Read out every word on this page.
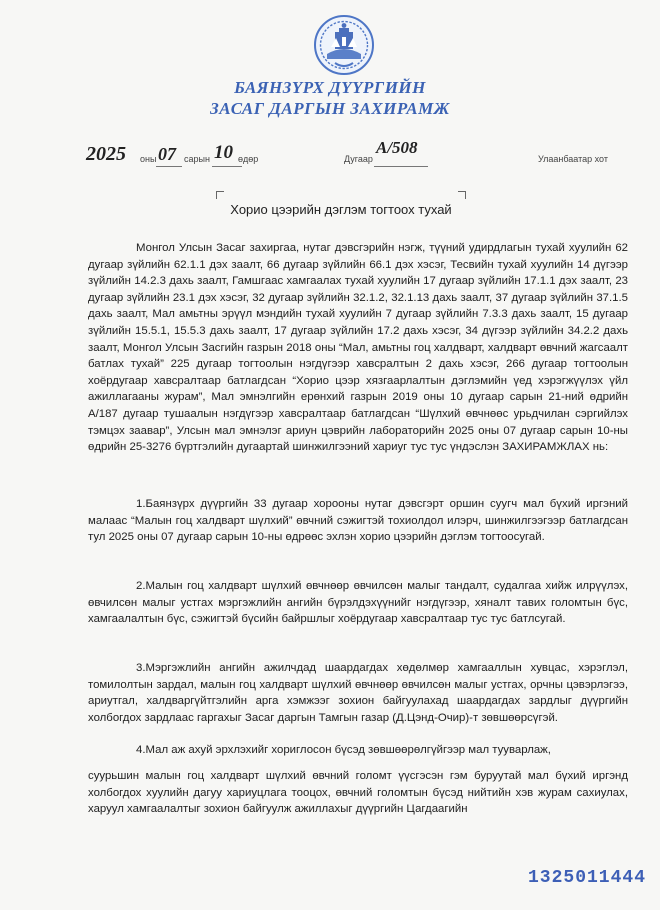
БАЯНЗҮРХ ДҮҮРГИЙН
ЗАСАГ ДАРГЫН ЗАХИРАМЖ
2025 оны 07 сарын 10 өдөр	Дугаар
А/508
Улаанбаатар хот
Хорио цээрийн дэглэм тогтоох тухай

Монгол Улсын Засаг захиргаа, нутаг дэвсгэрийн нэгж, түүний удирдлагын тухай хуулийн 62 дугаар зүйлийн 62.1.1 дэх заалт, 66 дугаар зүйлийн 66.1 дэх хэсэг, Тесвийн тухай хуулийн 14 дүгээр зүйлийн 14.2.3 дахь заалт, Гамшгаас хамгаалах тухай хуулийн 17 дугаар зүйлийн 17.1.1 дэх заалт, 23 дугаар зүйлийн 23.1 дэх хэсэг, 32 дугаар зүйлийн 32.1.2, 32.1.13 дахь заалт, 37 дугаар зүйлийн 37.1.5 дахь заалт, Мал амьтны эрүүл мэндийн тухай хуулийн 7 дугаар зүйлийн 7.3.3 дахь заалт, 15 дугаар зүйлийн 15.5.1, 15.5.3 дахь заалт, 17 дугаар зүйлийн 17.2 дахь хэсэг, 34 дүгээр зүйлийн 34.2.2 дахь заалт, Монгол Улсын Засгийн газрын 2018 оны “Мал, амьтны гоц халдварт, халдварт өвчний жагсаалт батлах тухай” 225 дугаар тогтоолын нэгдүгээр хавсралтын 2 дахь хэсэг, 266 дугаар тогтоолын хоёрдугаар хавсралтаар батлагдсан “Хорио цээр хязгаарлалтын дэглэмийн үед хэрэгжүүлэх үйл ажиллагааны журам”, Мал эмнэлгийн ерөнхий газрын 2019 оны 10 дугаар сарын 21-ний өдрийн А/187 дугаар тушаалын нэгдүгээр хавсралтаар батлагдсан “Шүлхий өвчнөөс урьдчилан сэргийлэх тэмцэх заавар”, Улсын мал эмнэлэг ариун цэврийн лабораторийн 2025 оны 07 дугаар сарын 10-ны өдрийн 25-3276 бүртгэлийн дугаартай шинжилгээний хариуг тус тус үндэслэн ЗАХИРАМЖЛАХ нь:

1.Баянзүрх дүүргийн 33 дугаар хорооны нутаг дэвсгэрт оршин суугч мал бүхий иргэний малаас “Малын гоц халдварт шүлхий” өвчний сэжигтэй тохиолдол илэрч, шинжилгээгээр батлагдсан тул 2025 оны 07 дугаар сарын 10-ны өдрөөс эхлэн хорио цээрийн дэглэм тогтоосугай.

2.Малын гоц халдварт шүлхий өвчнөөр өвчилсөн малыг тандалт, судалгаа хийж илрүүлэх, өвчилсөн малыг устгах мэргэжлийн ангийн бүрэлдэхүүнийг нэгдүгээр, хяналт тавих голомтын бүс, хамгаалалтын бүс, сэжигтэй бүсийн байршлыг хоёрдугаар хавсралтаар тус тус батлсугай.

3.Мэргэжлийн ангийн ажилчдад шаардагдах хөдөлмөр хамгааллын хувцас, хэрэглэл, томилолтын зардал, малын гоц халдварт шүлхий өвчнөөр өвчилсөн малыг устгах, орчны цэвэрлэгээ, ариутгал, халдваргүйтгэлийн арга хэмжээг зохион байгуулахад шаардагдах зардлыг дүүргийн холбогдох зардлаас гаргахыг Засаг даргын Тамгын газар (Д.Цэнд-Очир)-т зөвшөөрсүгэй.

4.Мал аж ахуй эрхлэхийг хориглосон бүсэд зөвшөөрөлгүйгээр мал тууварлаж,

суурьшин малын гоц халдварт шүлхий өвчний голомт үүсгэсэн гэм буруутай мал бүхий иргэнд холбогдох хуулийн дагуу хариуцлага тооцох, өвчний голомтын бүсэд нийтийн хэв журам сахиулах, харуул хамгаалалтыг зохион байгуулж ажиллахыг дүүргийн Цагдаагийн

1325011444
